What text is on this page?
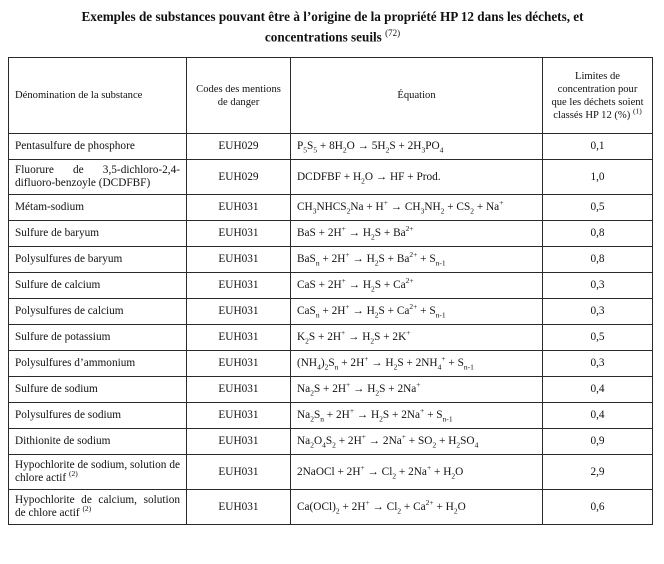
Exemples de substances pouvant être à l’origine de la propriété HP 12 dans les déchets, et concentrations seuils $^{(72)}$
Dénomination de la substance	Codes des mentions de danger	Équation	Limites de concentration pour que les déchets soient classés HP 12 (%) $^{(1)}$
Pentasulfure de phosphore	EUH029	$P_5S_5 + 8H_2O \to 5H_2S + 2H_3PO_4$	0,1
Fluorure de 3,5-dichloro-2,4-difluoro-benzoyle (DCDFBF)	EUH029	DCDFBF + $H_2O$ → HF + Prod.	1,0
Métam-sodium	EUH031	$CH_3NHCS_2Na + H^+ \to CH_3NH_2 + CS_2 + Na^+$	0,5
Sulfure de baryum	EUH031	BaS + $2H^+ \to H_2S + Ba^{2+}$	0,8
Polysulfures de baryum	EUH031	$BaS_n + 2H^+ \to H_2S + Ba^{2+} + S_{n-1}$	0,8
Sulfure de calcium	EUH031	CaS + $2H^+ \to H_2S + Ca^{2+}$	0,3
Polysulfures de calcium	EUH031	$CaS_n + 2H^+ \to H_2S + Ca^{2+} + S_{n-1}$	0,3
Sulfure de potassium	EUH031	$K_2S + 2H^+ \to H_2S + 2K^+$	0,5
Polysulfures d’ammonium	EUH031	$(NH_4)_2S_n + 2H^+ \to H_2S + 2NH_4^+ + S_{n-1}$	0,3
Sulfure de sodium	EUH031	$Na_2S + 2H^+ \to H_2S + 2Na^+$	0,4
Polysulfures de sodium	EUH031	$Na_2S_n + 2H^+ \to H_2S + 2Na^+ + S_{n-1}$	0,4
Dithionite de sodium	EUH031	$Na_2O_4S_2 + 2H^+ \to 2Na^+ + SO_2 + H_2SO_4$	0,9
Hypochlorite de sodium, solution de chlore actif $^{(2)}$	EUH031	2NaOCl + $2H^+ \to Cl_2 + 2Na^+ + H_2O$	2,9
Hypochlorite de calcium, solution de chlore actif $^{(2)}$	EUH031	$Ca(OCl)_2 + 2H^+ \to Cl_2 + Ca^{2+} + H_2O$	0,6
